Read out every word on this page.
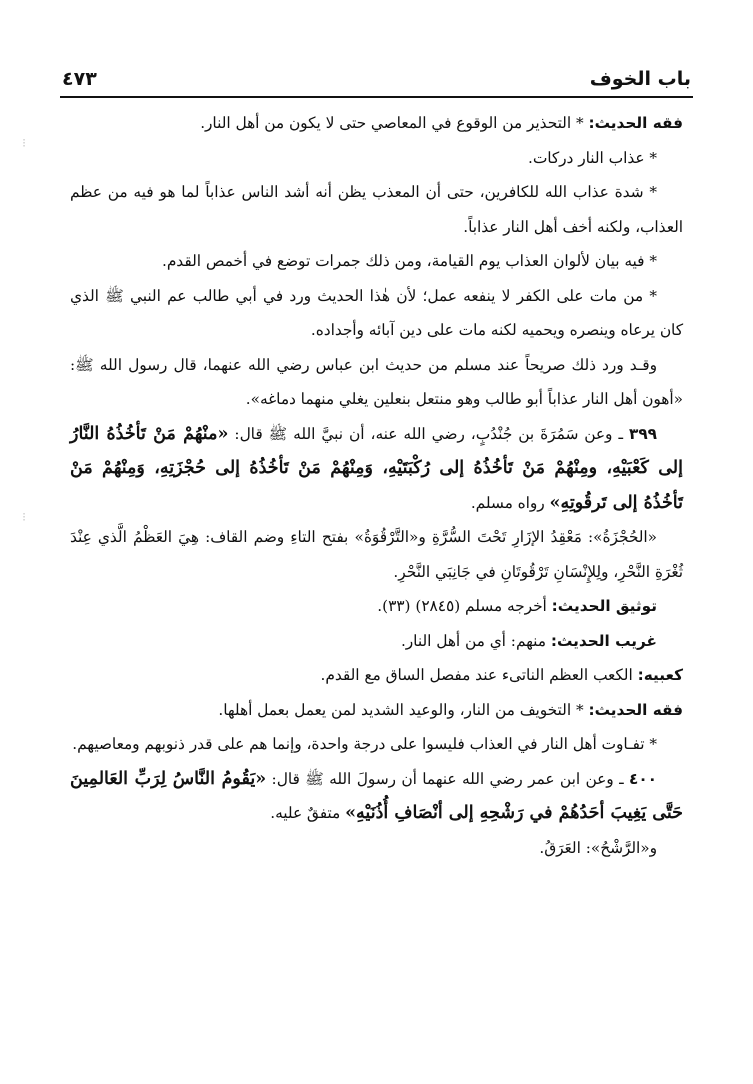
باب الخوف
٤٧٣
⁝
⁝

فقه الحديث: * التحذير من الوقوع في المعاصي حتى لا يكون من أهل النار.

* عذاب النار دركات.

* شدة عذاب الله للكافرين، حتى أن المعذب يظن أنه أشد الناس عذاباً لما هو فيه من عظم العذاب، ولكنه أخف أهل النار عذاباً.

* فيه بيان لألوان العذاب يوم القيامة، ومن ذلك جمرات توضع في أخمص القدم.

* من مات على الكفر لا ينفعه عمل؛ لأن هٰذا الحديث ورد في أبي طالب عم النبي ﷺ الذي كان يرعاه وينصره ويحميه لكنه مات على دين آبائه وأجداده.

وقـد ورد ذلك صريحاً عند مسلم من حديث ابن عباس رضي الله عنهما، قال رسول الله ﷺ: «أهون أهل النار عذاباً أبو طالب وهو منتعل بنعلين يغلي منهما دماغه».

٣٩٩ ـ وعن سَمُرَةَ بن جُنْدُبٍ، رضي الله عنه، أن نبيَّ الله ﷺ قال: «منْهُمْ مَنْ تَأخُذُهُ النَّارُ إلى كَعْبَيْهِ، ومِنْهُمْ مَنْ تَأخُذُهُ إلى رُكْبَتَيْهِ، وَمِنْهُمْ مَنْ تَأخُذُهُ إلى حُجْزَتِهِ، وَمِنْهُمْ مَنْ تَأخُذُهُ إلى تَرقُوتِهِ» رواه مسلم.

«الحُجْزَةُ»: مَعْقِدُ الإزَارِ تَحْتَ السُّرَّةِ و«التَّرْقُوَةُ» بفتح التاءِ وضم القاف: هِيَ العَظْمُ الَّذي عِنْدَ ثُغْرَةِ النَّحْرِ، ولِلإِنْسَانِ تَرْقُوتَانِ في جَانِبَي النَّحْرِ.

توثيق الحديث: أخرجه مسلم (٢٨٤٥) (٣٣).

غريب الحديث: منهم: أي من أهل النار.

كعبيه: الكعب العظم الناتىء عند مفصل الساق مع القدم.

فقه الحديث: * التخويف من النار، والوعيد الشديد لمن يعمل بعمل أهلها.

* تفـاوت أهل النار في العذاب فليسوا على درجة واحدة، وإنما هم على قدر ذنوبهم ومعاصيهم.

٤٠٠ ـ وعن ابن عمر رضي الله عنهما أن رسولَ الله ﷺ قال: «يَقُومُ النَّاسُ لِرَبِّ العَالمِينَ حَتَّى يَغِيبَ أحَدُهُمْ في رَشْحِهِ إلى أنْصَافِ أُذُنَيْهِ» متفقٌ عليه.

و«الرَّشْحُ»: العَرَقُ.
